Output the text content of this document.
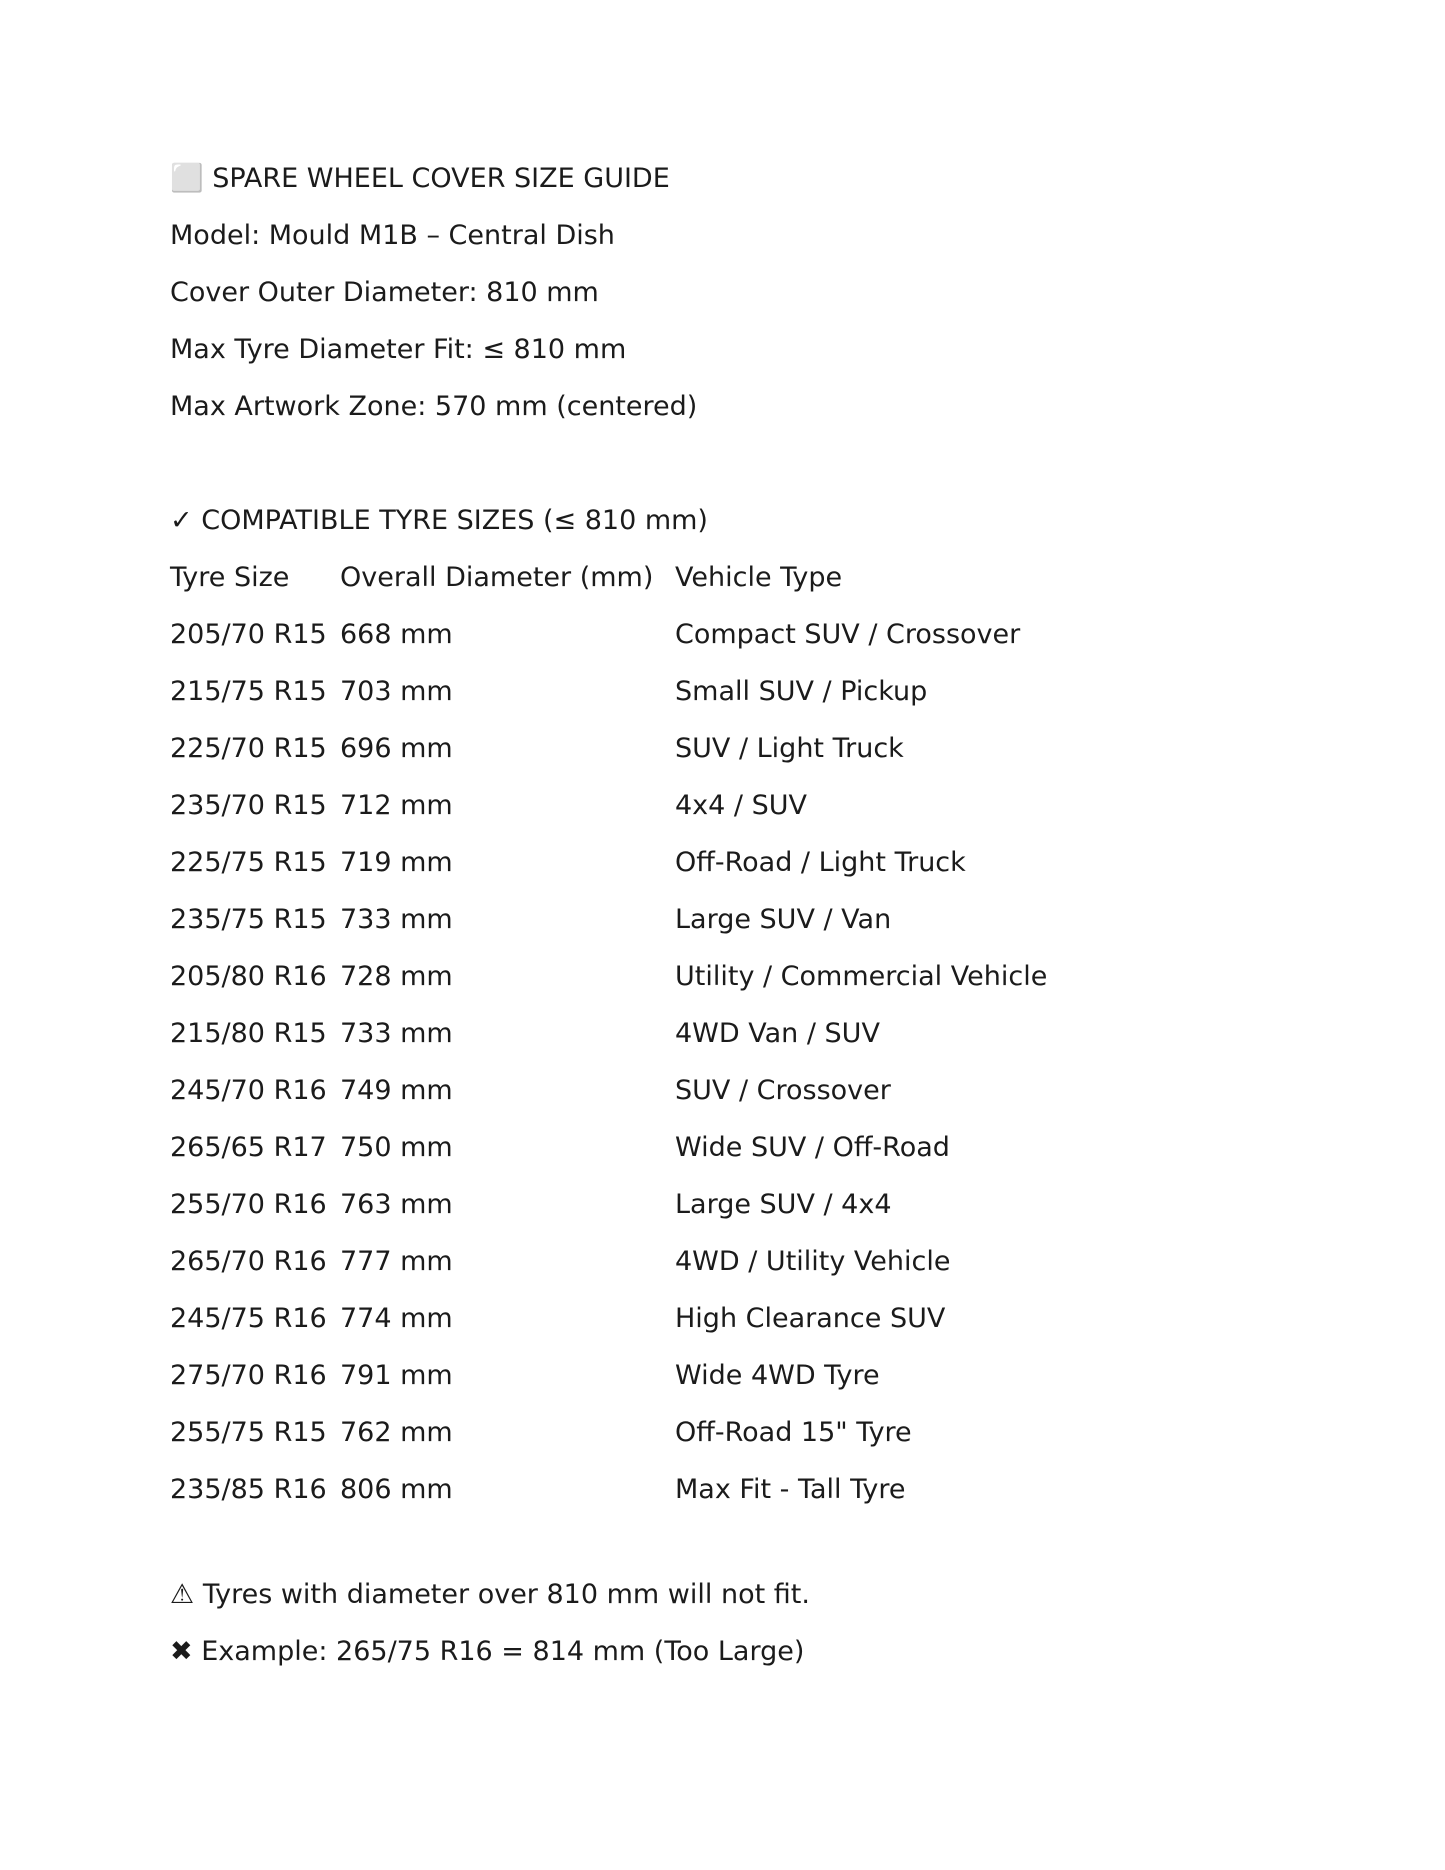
⬜ SPARE WHEEL COVER SIZE GUIDE
Model: Mould M1B – Central Dish
Cover Outer Diameter: 810 mm
Max Tyre Diameter Fit: ≤ 810 mm
Max Artwork Zone: 570 mm (centered)
✓ COMPATIBLE TYRE SIZES (≤ 810 mm)
Tyre Size	Overall Diameter (mm)	Vehicle Type
205/70 R15	668 mm	Compact SUV / Crossover
215/75 R15	703 mm	Small SUV / Pickup
225/70 R15	696 mm	SUV / Light Truck
235/70 R15	712 mm	4x4 / SUV
225/75 R15	719 mm	Off-Road / Light Truck
235/75 R15	733 mm	Large SUV / Van
205/80 R16	728 mm	Utility / Commercial Vehicle
215/80 R15	733 mm	4WD Van / SUV
245/70 R16	749 mm	SUV / Crossover
265/65 R17	750 mm	Wide SUV / Off-Road
255/70 R16	763 mm	Large SUV / 4x4
265/70 R16	777 mm	4WD / Utility Vehicle
245/75 R16	774 mm	High Clearance SUV
275/70 R16	791 mm	Wide 4WD Tyre
255/75 R15	762 mm	Off-Road 15" Tyre
235/85 R16	806 mm	Max Fit - Tall Tyre
⚠ Tyres with diameter over 810 mm will not fit.
✖ Example: 265/75 R16 = 814 mm (Too Large)
